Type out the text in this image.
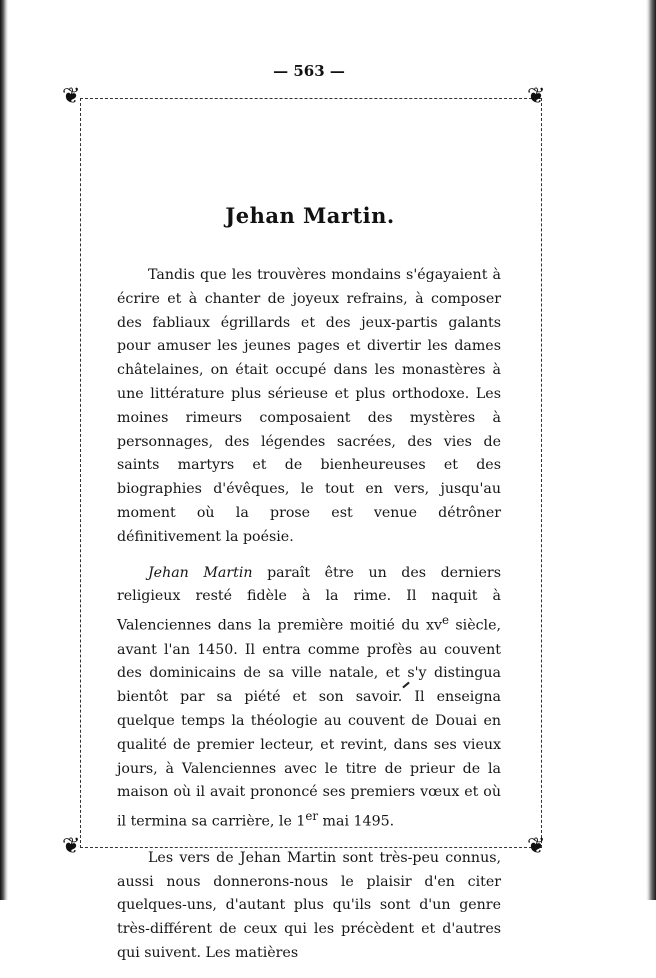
— 563 —
❦	❦
❦	❦
Jehan Martin.

Tandis que les trouvères mondains s'égayaient à écrire et à chanter de joyeux refrains, à composer des fabliaux égrillards et des jeux-partis galants pour amuser les jeunes pages et divertir les dames châtelaines, on était occupé dans les monastères à une littérature plus sérieuse et plus orthodoxe. Les moines rimeurs composaient des mystères à personnages, des légendes sacrées, des vies de saints martyrs et de bienheureuses et des biographies d'évêques, le tout en vers, jusqu'au moment où la prose est venue détrôner définitivement la poésie.

Jehan Martin paraît être un des derniers religieux resté fidèle à la rime. Il naquit à Valenciennes dans la première moitié du $xv^e$ siècle, avant l'an 1450. Il entra comme profès au couvent des dominicains de sa ville natale, et s'y distingua bientôt par sa piété et son savoir. Il enseigna quelque temps la théologie au couvent de Douai en qualité de premier lecteur, et revint, dans ses vieux jours, à Valenciennes avec le titre de prieur de la maison où il avait prononcé ses premiers vœux et où il termina sa carrière, le 1er mai 1495.

Les vers de Jehan Martin sont très-peu connus, aussi nous donnerons-nous le plaisir d'en citer quelques-uns, d'autant plus qu'ils sont d'un genre très-différent de ceux qui les précèdent et d'autres qui suivent. Les matières
